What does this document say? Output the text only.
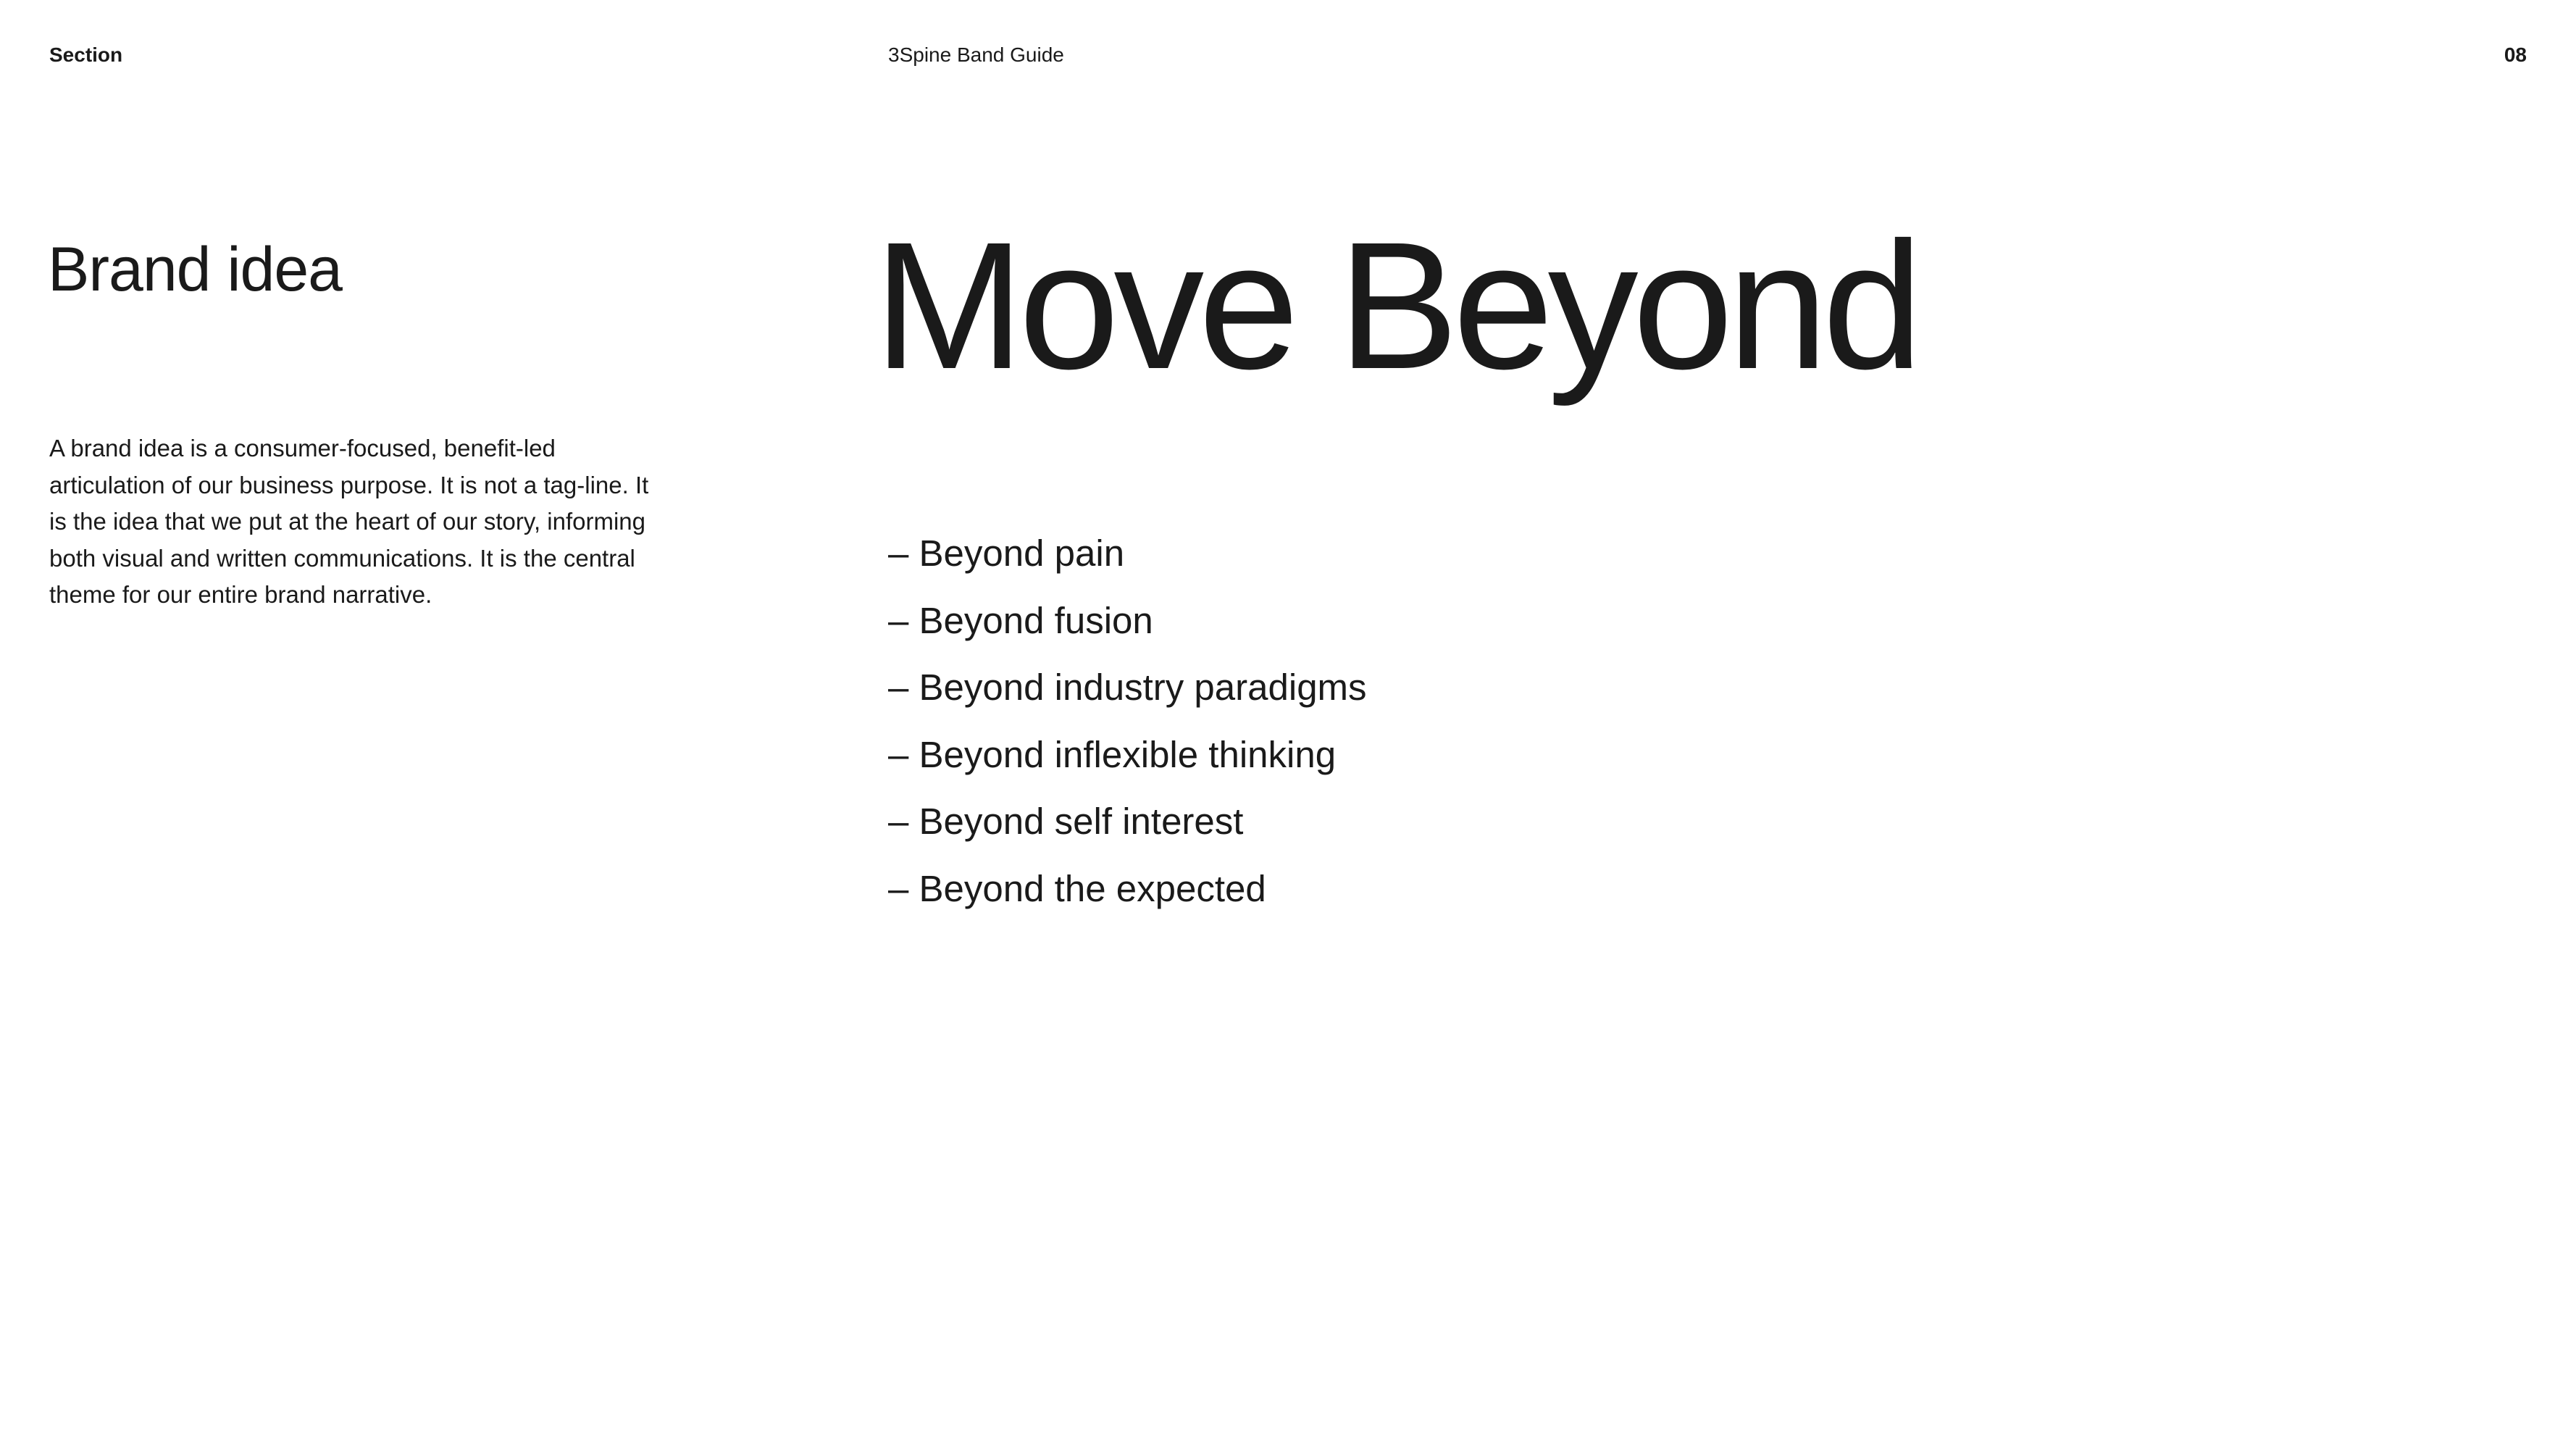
Section	3Spine Band Guide	08
Brand idea

A brand idea is a consumer-focused, benefit-led articulation of our business purpose. It is not a tag-line. It is the idea that we put at the heart of our story, informing both visual and written communications. It is the central theme for our entire brand narrative.

Move Beyond
– Beyond pain
– Beyond fusion
– Beyond industry paradigms
– Beyond inflexible thinking
– Beyond self interest
– Beyond the expected
